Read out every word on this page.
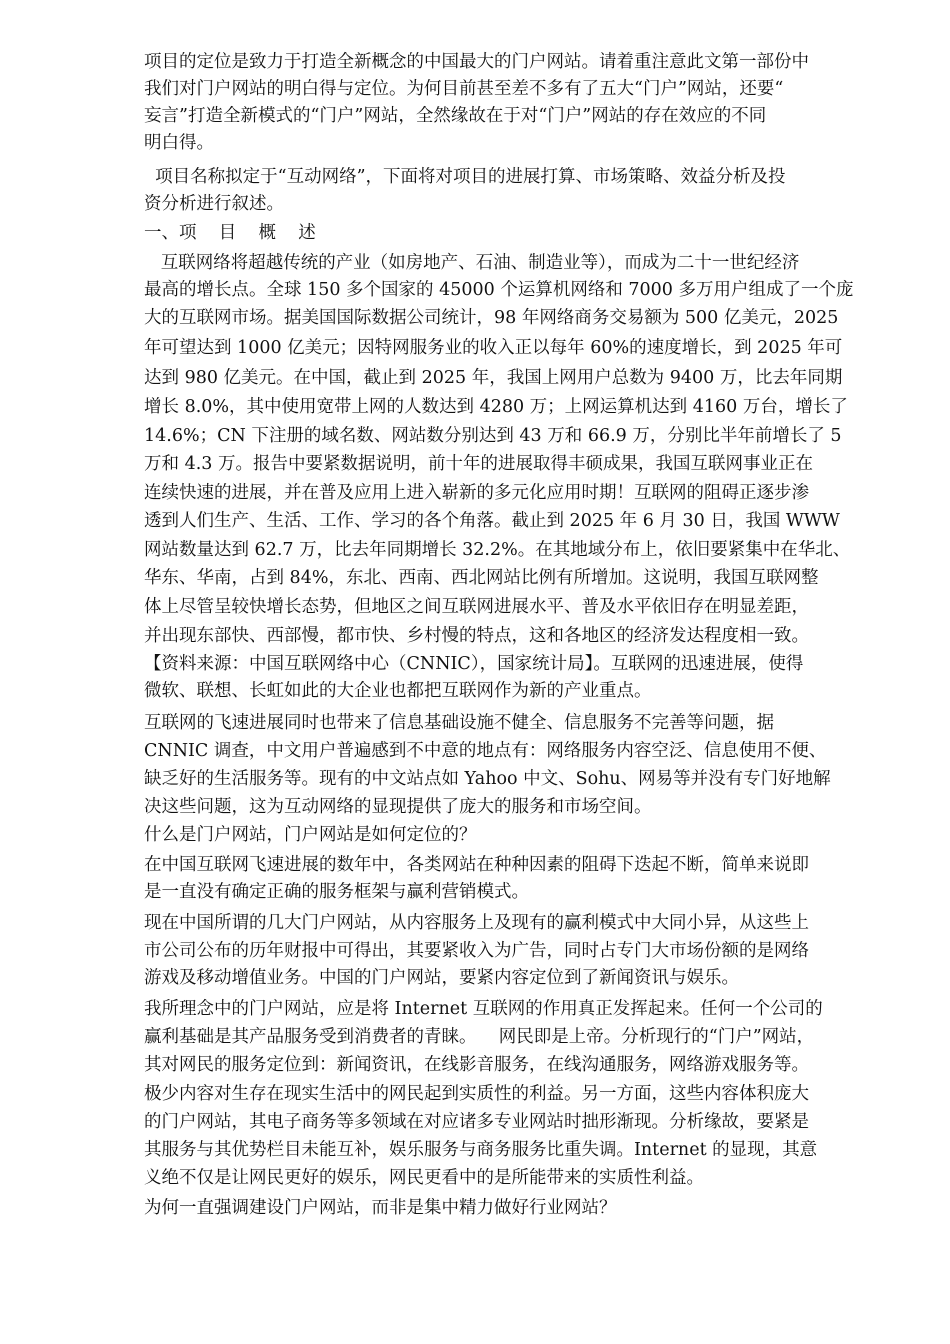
项目的定位是致力于打造全新概念的中国最大的门户网站。请着重注意此文第一部份中
我们对门户网站的明白得与定位。为何目前甚至差不多有了五大“门户”网站，还要“
妄言”打造全新模式的“门户”网站，全然缘故在于对“门户”网站的存在效应的不同
明白得。
项目名称拟定于“互动网络”，下面将对项目的进展打算、市场策略、效益分析及投
资分析进行叙述。
一、项    目    概    述
互联网络将超越传统的产业（如房地产、石油、制造业等），而成为二十一世纪经济
最高的增长点。全球 150 多个国家的 45000 个运算机网络和 7000 多万用户组成了一个庞
大的互联网市场。据美国国际数据公司统计，98 年网络商务交易额为 500 亿美元，2025
年可望达到 1000 亿美元；因特网服务业的收入正以每年 60%的速度增长，到 2025 年可
达到 980 亿美元。在中国，截止到 2025 年，我国上网用户总数为 9400 万，比去年同期
增长 8.0%，其中使用宽带上网的人数达到 4280 万；上网运算机达到 4160 万台，增长了
14.6%；CN 下注册的域名数、网站数分别达到 43 万和 66.9 万，分别比半年前增长了 5
万和 4.3 万。报告中要紧数据说明，前十年的进展取得丰硕成果，我国互联网事业正在
连续快速的进展，并在普及应用上进入崭新的多元化应用时期！互联网的阻碍正逐步渗
透到人们生产、生活、工作、学习的各个角落。截止到 2025 年 6 月 30 日，我国 WWW
网站数量达到 62.7 万，比去年同期增长 32.2%。在其地域分布上，依旧要紧集中在华北、
华东、华南，占到 84%，东北、西南、西北网站比例有所增加。这说明，我国互联网整
体上尽管呈较快增长态势，但地区之间互联网进展水平、普及水平依旧存在明显差距，
并出现东部快、西部慢，都市快、乡村慢的特点，这和各地区的经济发达程度相一致。
【资料来源：中国互联网络中心（CNNIC），国家统计局】。互联网的迅速进展，使得
微软、联想、长虹如此的大企业也都把互联网作为新的产业重点。
互联网的飞速进展同时也带来了信息基础设施不健全、信息服务不完善等问题，据
CNNIC 调查，中文用户普遍感到不中意的地点有：网络服务内容空泛、信息使用不便、
缺乏好的生活服务等。现有的中文站点如 Yahoo 中文、Sohu、网易等并没有专门好地解
决这些问题，这为互动网络的显现提供了庞大的服务和市场空间。
什么是门户网站，门户网站是如何定位的？
在中国互联网飞速进展的数年中，各类网站在种种因素的阻碍下迭起不断，简单来说即
是一直没有确定正确的服务框架与赢利营销模式。
现在中国所谓的几大门户网站，从内容服务上及现有的赢利模式中大同小异，从这些上
市公司公布的历年财报中可得出，其要紧收入为广告，同时占专门大市场份额的是网络
游戏及移动增值业务。中国的门户网站，要紧内容定位到了新闻资讯与娱乐。
我所理念中的门户网站，应是将 Internet 互联网的作用真正发挥起来。任何一个公司的
赢利基础是其产品服务受到消费者的青睐。    网民即是上帝。分析现行的“门户”网站，
其对网民的服务定位到：新闻资讯，在线影音服务，在线沟通服务，网络游戏服务等。
极少内容对生存在现实生活中的网民起到实质性的利益。另一方面，这些内容体积庞大
的门户网站，其电子商务等多领域在对应诸多专业网站时拙形渐现。分析缘故，要紧是
其服务与其优势栏目未能互补，娱乐服务与商务服务比重失调。Internet 的显现，其意
义绝不仅是让网民更好的娱乐，网民更看中的是所能带来的实质性利益。
为何一直强调建设门户网站，而非是集中精力做好行业网站？
